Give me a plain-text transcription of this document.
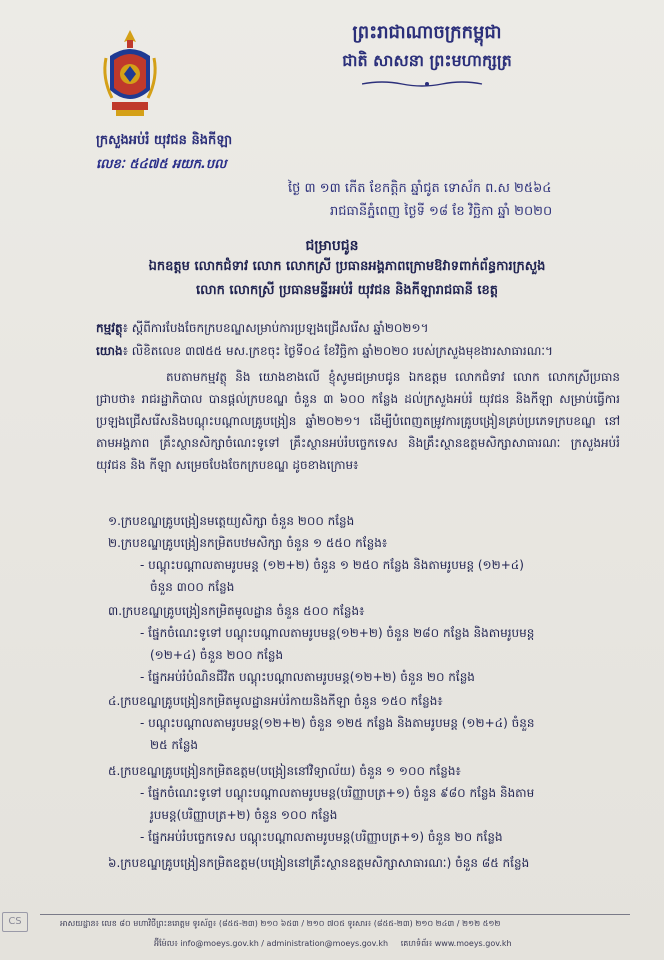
ព្រះរាជាណាចក្រកម្ពុជា
ជាតិ សាសនា ព្រះមហាក្សត្រ
ក្រសួងអប់រំ យុវជន និងកីឡា
លេខៈ ៥៤៧៥ អយក.បល
ថ្ងៃ ៣ ១៣ កើត ខែកត្តិក ឆ្នាំជូត ទោស័ក ព.ស ២៥៦៤
រាជធានីភ្នំពេញ ថ្ងៃទី ១៨ ខែ វិច្ឆិកា ឆ្នាំ ២០២០
ជម្រាបជូន
ឯកឧត្តម លោកជំទាវ លោក លោកស្រី ប្រធានអង្គភាពក្រោមឱវាទពាក់ព័ន្ធការក្រសួង
លោក លោកស្រី ប្រធានមន្ទីរអប់រំ យុវជន និងកីឡារាជធានី ខេត្ត
កម្មវត្ថុ៖ ស្ដីពីការបែងចែកក្របខណ្ឌសម្រាប់ការប្រឡងជ្រើសរើស ឆ្នាំ២០២១។
យោង៖ លិខិតលេខ ៣៧៥៥ មស.ក្រខចុះ ថ្ងៃទី០៤ ខែវិច្ឆិកា ឆ្នាំ២០២០ របស់ក្រសួងមុខងារសាធារណៈ។
តបតាមកម្មវត្ថុ និង យោងខាងលើ ខ្ញុំសូមជម្រាបជូន ឯកឧត្តម លោកជំទាវ លោក លោកស្រីប្រធាន ជ្រាបថា៖ រាជរដ្ឋាភិបាល បានផ្ដល់ក្របខណ្ឌ ចំនួន ៣ ៦០០ កន្លែង ដល់ក្រសួងអប់រំ យុវជន និងកីឡា សម្រាប់ធ្វើការប្រឡងជ្រើសរើសនិងបណ្ដុះបណ្ដាលគ្រូបង្រៀន ឆ្នាំ២០២១។ ដើម្បីបំពេញតម្រូវការគ្រូបង្រៀនគ្រប់ប្រភេទក្របខណ្ឌ នៅតាមអង្គភាព គ្រឹះស្ថានសិក្សាចំណេះទូទៅ គ្រឹះស្ថានអប់រំបច្ចេកទេស និងគ្រឹះស្ថានឧត្ដមសិក្សាសាធារណៈ ក្រសួងអប់រំ យុវជន និង កីឡា សម្រេចបែងចែកក្របខណ្ឌ ដូចខាងក្រោម៖
១.ក្របខណ្ឌគ្រូបង្រៀនមត្តេយ្យសិក្សា ចំនួន ២០០ កន្លែង
២.ក្របខណ្ឌគ្រូបង្រៀនកម្រិតបឋមសិក្សា ចំនួន ១ ៥៥០ កន្លែង៖
- បណ្ដុះបណ្ដាលតាមរូបមន្ត (១២+២) ចំនួន ១ ២៥០ កន្លែង និងតាមរូបមន្ត (១២+៤)
ចំនួន ៣០០ កន្លែង
៣.ក្របខណ្ឌគ្រូបង្រៀនកម្រិតមូលដ្ឋាន ចំនួន ៥០០ កន្លែង៖
- ផ្នែកចំណេះទូទៅ បណ្ដុះបណ្ដាលតាមរូបមន្ត(១២+២) ចំនួន ២៨០ កន្លែង និងតាមរូបមន្ត
(១២+៤) ចំនួន ២០០ កន្លែង
- ផ្នែកអប់រំបំណិនជីវិត បណ្ដុះបណ្ដាលតាមរូបមន្ត(១២+២) ចំនួន ២០ កន្លែង
៤.ក្របខណ្ឌគ្រូបង្រៀនកម្រិតមូលដ្ឋានអប់រំកាយនិងកីឡា ចំនួន ១៥០ កន្លែង៖
- បណ្ដុះបណ្ដាលតាមរូបមន្ត(១២+២) ចំនួន ១២៥ កន្លែង និងតាមរូបមន្ត (១២+៤) ចំនួន
២៥ កន្លែង
៥.ក្របខណ្ឌគ្រូបង្រៀនកម្រិតឧត្ដម(បង្រៀននៅវិទ្យាល័យ) ចំនួន ១ ១០០ កន្លែង៖
- ផ្នែកចំណេះទូទៅ បណ្ដុះបណ្ដាលតាមរូបមន្ត(បរិញ្ញាបត្រ+១) ចំនួន ៩៨០ កន្លែង និងតាម
រូបមន្ត(បរិញ្ញាបត្រ+២) ចំនួន ១០០ កន្លែង
- ផ្នែកអប់រំបច្ចេកទេស បណ្ដុះបណ្ដាលតាមរូបមន្ត(បរិញ្ញាបត្រ+១) ចំនួន ២០ កន្លែង
៦.ក្របខណ្ឌគ្រូបង្រៀនកម្រិតឧត្ដម(បង្រៀននៅគ្រឹះស្ថានឧត្ដមសិក្សាសាធារណៈ) ចំនួន ៨៥ កន្លែង
CS	អាសយដ្ឋាន៖ លេខ ៨០ មហាវិថីព្រះនរោត្តម ទូរស័ព្ទ៖ (៨៥៥-២៣) ២១០ ៦៥៣ / ២១០ ៧០៥ ទូរសារ៖ (៨៥៥-២៣) ២១០ ២៤៣ / ២១២ ៥១២
អ៊ីម៉ែល៖ info@moeys.gov.kh / administration@moeys.gov.kh គេហទំព័រ៖ www.moeys.gov.kh
